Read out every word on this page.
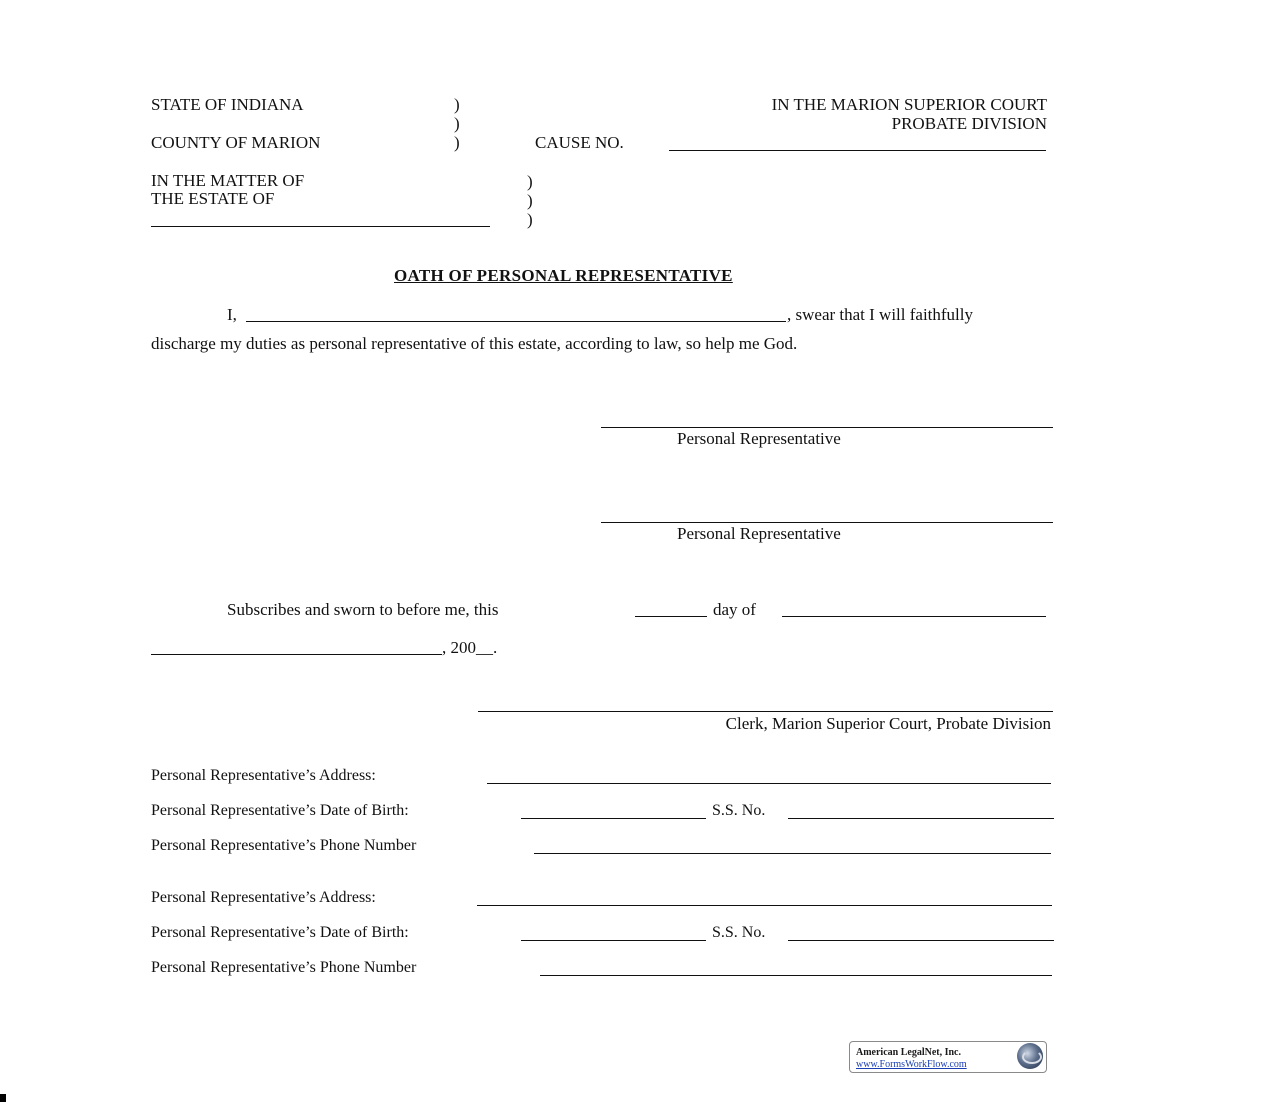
STATE OF INDIANA	)
)
)
COUNTY OF MARION
IN THE MARION SUPERIOR COURT
PROBATE DIVISION
CAUSE NO.
IN THE MATTER OF
THE ESTATE OF
)
)
)
OATH OF PERSONAL REPRESENTATIVE
I,	, swear that I will faithfully
discharge my duties as personal representative of this estate, according to law, so help me God.
Personal Representative
Personal Representative
Subscribes and sworn to before me, this	day of
, 200__.
Clerk, Marion Superior Court, Probate Division
Personal Representative’s Address:
Personal Representative’s Date of Birth:	S.S. No.
Personal Representative’s Phone Number
Personal Representative’s Address:
Personal Representative’s Date of Birth:	S.S. No.
Personal Representative’s Phone Number
American LegalNet, Inc.
www.FormsWorkFlow.com
